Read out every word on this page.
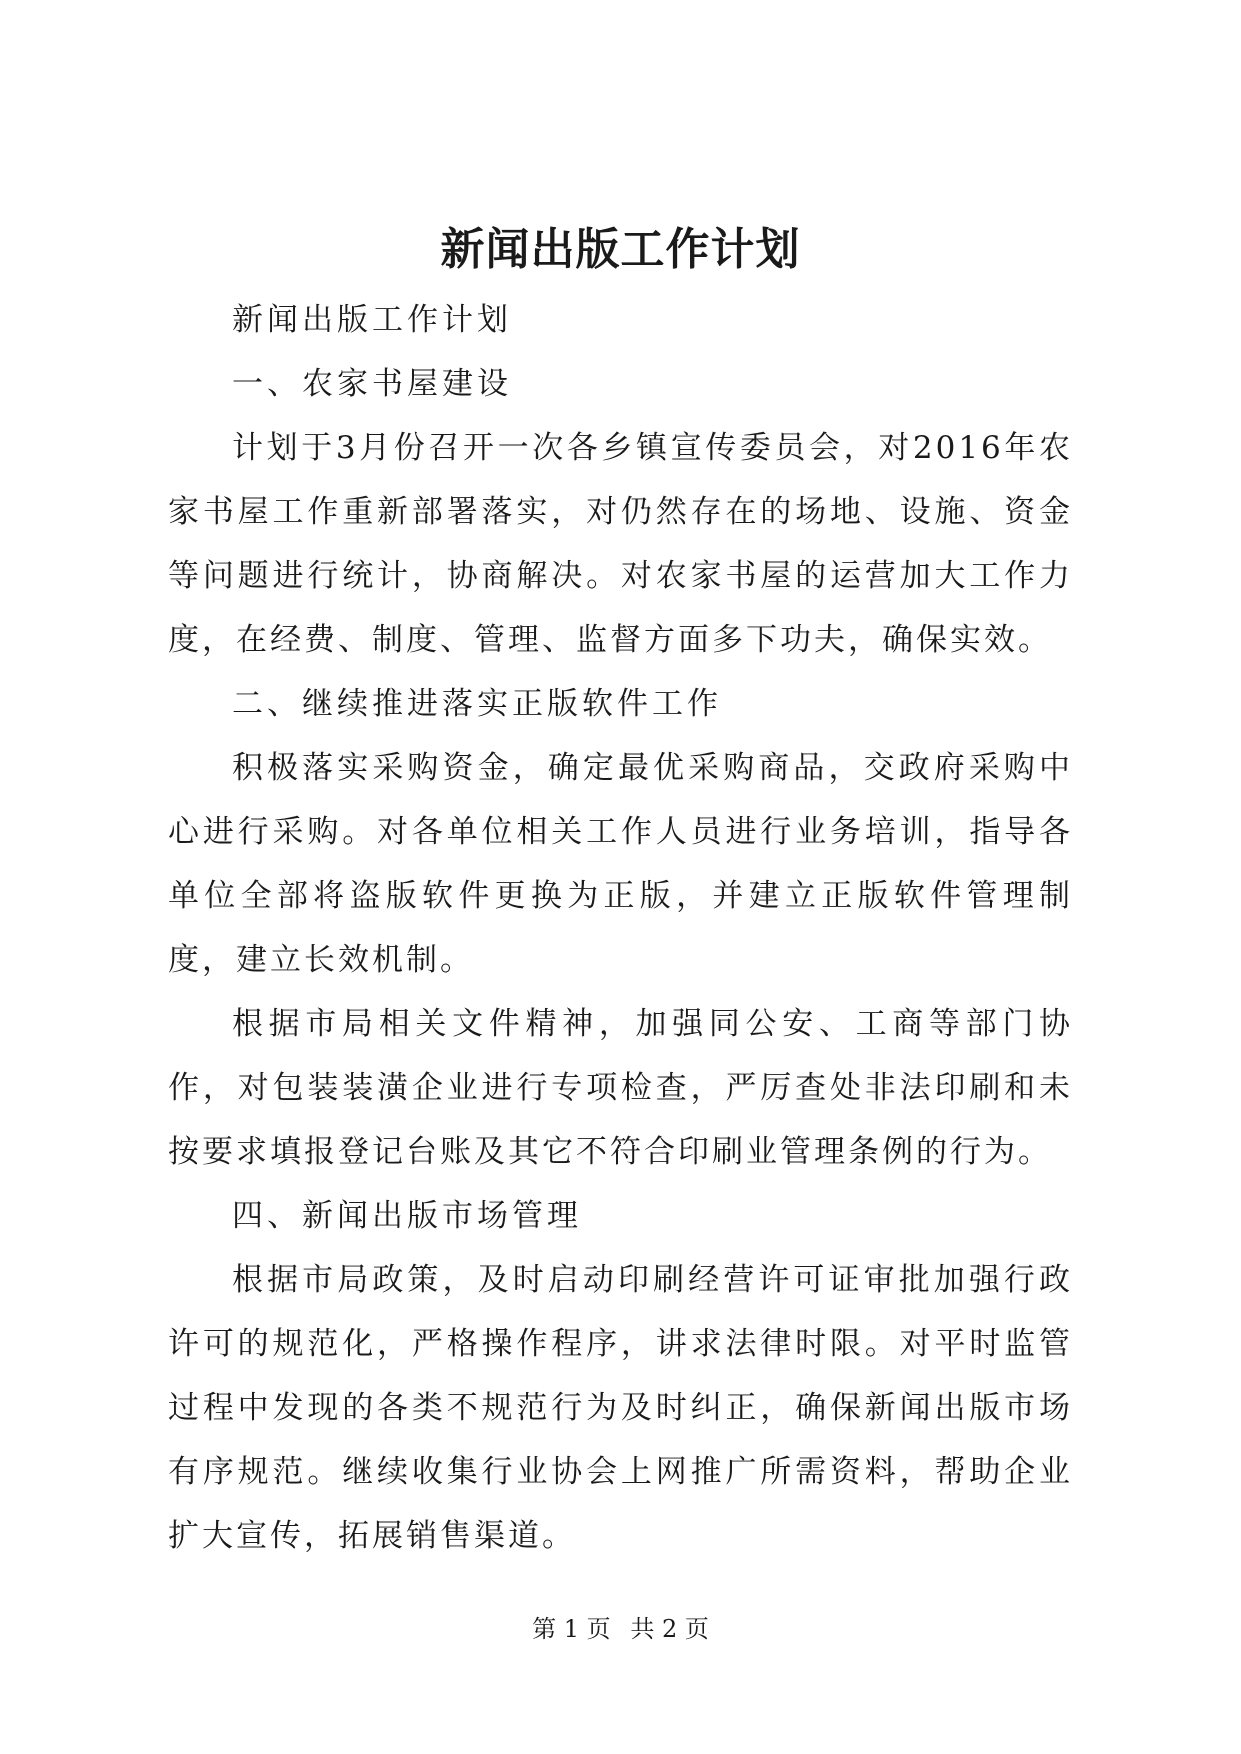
新闻出版工作计划

新闻出版工作计划

一、农家书屋建设

计划于3月份召开一次各乡镇宣传委员会，对2016年农家书屋工作重新部署落实，对仍然存在的场地、设施、资金等问题进行统计，协商解决。对农家书屋的运营加大工作力度，在经费、制度、管理、监督方面多下功夫，确保实效。

二、继续推进落实正版软件工作

积极落实采购资金，确定最优采购商品，交政府采购中心进行采购。对各单位相关工作人员进行业务培训，指导各单位全部将盗版软件更换为正版，并建立正版软件管理制度，建立长效机制。

根据市局相关文件精神，加强同公安、工商等部门协作，对包装装潢企业进行专项检查，严厉查处非法印刷和未按要求填报登记台账及其它不符合印刷业管理条例的行为。

四、新闻出版市场管理

根据市局政策，及时启动印刷经营许可证审批加强行政许可的规范化，严格操作程序，讲求法律时限。对平时监管过程中发现的各类不规范行为及时纠正，确保新闻出版市场有序规范。继续收集行业协会上网推广所需资料，帮助企业扩大宣传，拓展销售渠道。

第 1 页 共 2 页
